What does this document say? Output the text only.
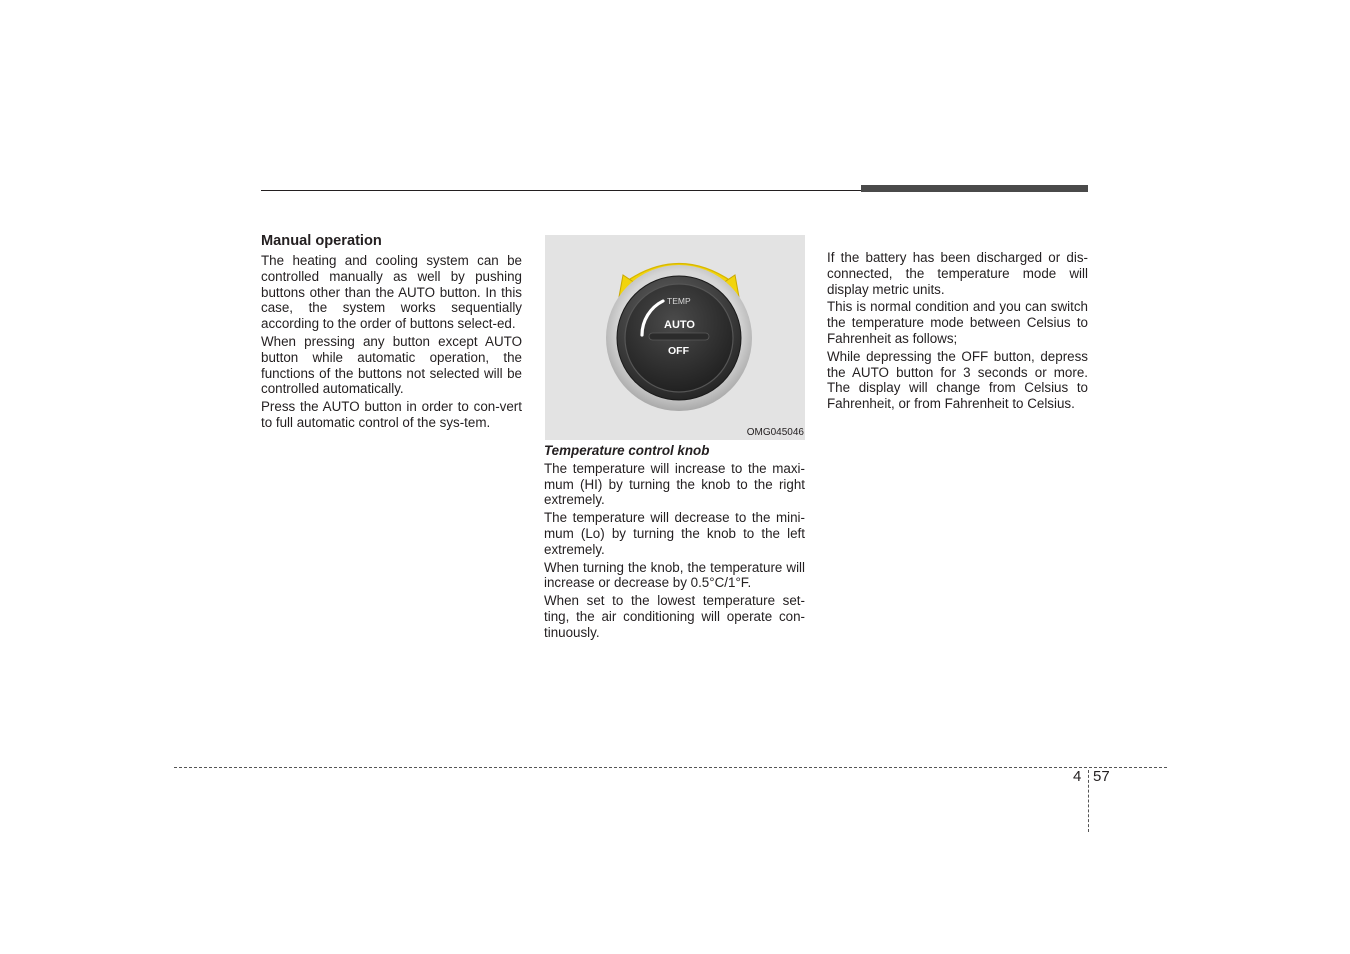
Manual operation

The heating and cooling system can be controlled manually as well by pushing buttons other than the AUTO button. In this case, the system works sequentially according to the order of buttons select-ed.

When pressing any button except AUTO button while automatic operation, the functions of the buttons not selected will be controlled automatically.

Press the AUTO button in order to con-vert to full automatic control of the sys-tem.

TEMP
AUTO
OFF
OMG045046
Temperature control knob

The temperature will increase to the maxi-mum (HI) by turning the knob to the right extremely.

The temperature will decrease to the mini-mum (Lo) by turning the knob to the left extremely.

When turning the knob, the temperature will increase or decrease by 0.5°C/1°F.

When set to the lowest temperature set-ting, the air conditioning will operate con-tinuously.

If the battery has been discharged or dis-connected, the temperature mode will display metric units.

This is normal condition and you can switch the temperature mode between Celsius to Fahrenheit as follows;

While depressing the OFF button, depress the AUTO button for 3 seconds or more. The display will change from Celsius to Fahrenheit, or from Fahrenheit to Celsius.

4 57
